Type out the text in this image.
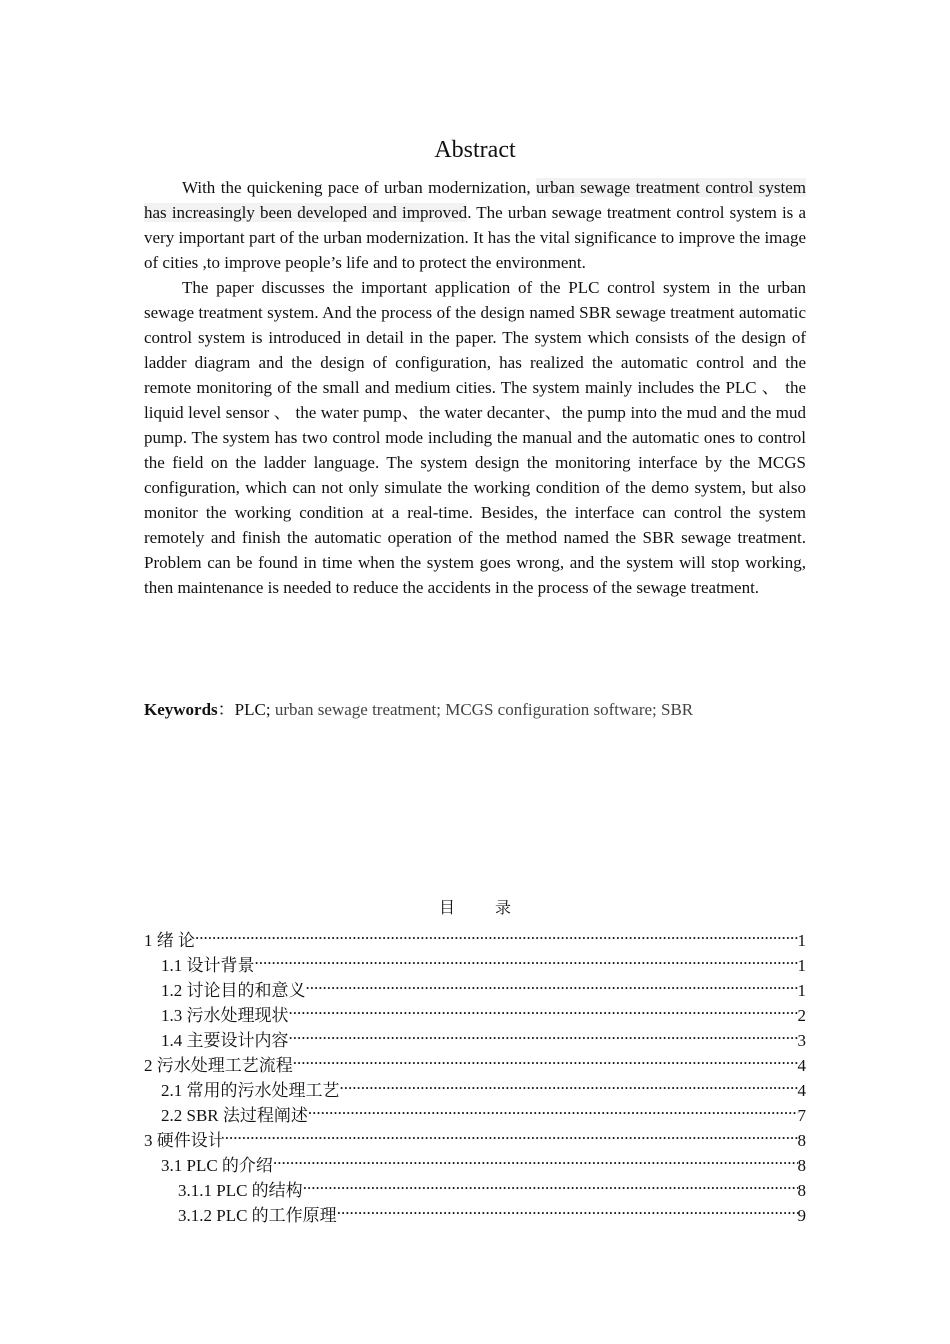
Abstract

With the quickening pace of urban modernization, urban sewage treatment control system has increasingly been developed and improved. The urban sewage treatment control system is a very important part of the urban modernization. It has the vital significance to improve the image of cities ,to improve people’s life and to protect the environment.

The paper discusses the important application of the PLC control system in the urban sewage treatment system. And the process of the design named SBR sewage treatment automatic control system is introduced in detail in the paper. The system which consists of the design of ladder diagram and the design of configuration, has realized the automatic control and the remote monitoring of the small and medium cities. The system mainly includes the PLC 、 the liquid level sensor 、 the water pump、the water decanter、the pump into the mud and the mud pump. The system has two control mode including the manual and the automatic ones to control the field on the ladder language. The system design the monitoring interface by the MCGS configuration, which can not only simulate the working condition of the demo system, but also monitor the working condition at a real-time. Besides, the interface can control the system remotely and finish the automatic operation of the method named the SBR sewage treatment. Problem can be found in time when the system goes wrong, and the system will stop working, then maintenance is needed to reduce the accidents in the process of the sewage treatment.

Keywords：PLC; urban sewage treatment; MCGS configuration software; SBR
目	录
1 绪 论 .....	1
1.1 设计背景 .....	1
1.2 讨论目的和意义 .....	1
1.3 污水处理现状 .....	2
1.4 主要设计内容 .....	3
2 污水处理工艺流程 .....	4
2.1 常用的污水处理工艺 .....	4
2.2 SBR 法过程阐述 .....	7
3 硬件设计 .....	8
3.1 PLC 的介绍 .....	8
3.1.1 PLC 的结构 .....	8
3.1.2 PLC 的工作原理 .....	9
